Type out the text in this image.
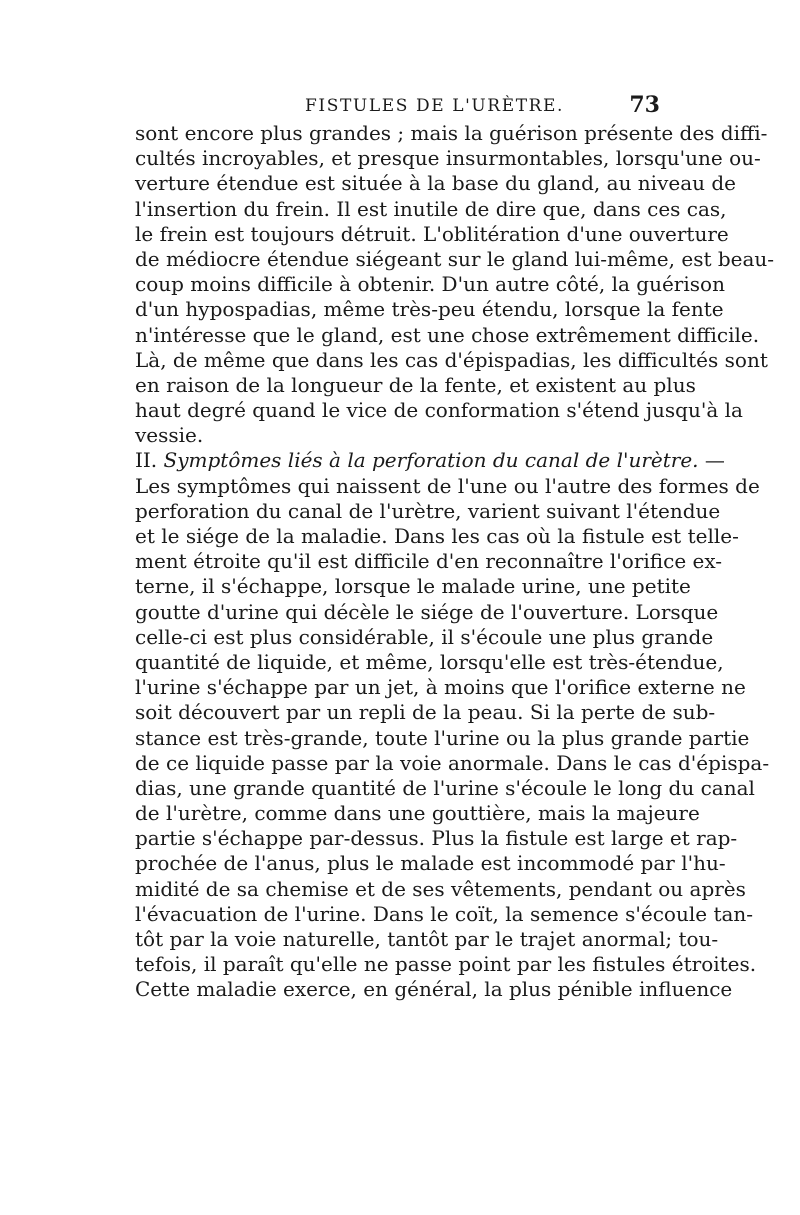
FISTULES DE L'URÈTRE.	73
sont encore plus grandes ; mais la guérison présente des diffi-
cultés incroyables, et presque insurmontables, lorsqu'une ou-
verture étendue est située à la base du gland, au niveau de
l'insertion du frein. Il est inutile de dire que, dans ces cas,
le frein est toujours détruit. L'oblitération d'une ouverture
de médiocre étendue siégeant sur le gland lui-même, est beau-
coup moins difficile à obtenir. D'un autre côté, la guérison
d'un hypospadias, même très-peu étendu, lorsque la fente
n'intéresse que le gland, est une chose extrêmement difficile.
Là, de même que dans les cas d'épispadias, les difficultés sont
en raison de la longueur de la fente, et existent au plus
haut degré quand le vice de conformation s'étend jusqu'à la
vessie.
II. Symptômes liés à la perforation du canal de l'urètre. —
Les symptômes qui naissent de l'une ou l'autre des formes de
perforation du canal de l'urètre, varient suivant l'étendue
et le siége de la maladie. Dans les cas où la fistule est telle-
ment étroite qu'il est difficile d'en reconnaître l'orifice ex-
terne, il s'échappe, lorsque le malade urine, une petite
goutte d'urine qui décèle le siége de l'ouverture. Lorsque
celle-ci est plus considérable, il s'écoule une plus grande
quantité de liquide, et même, lorsqu'elle est très-étendue,
l'urine s'échappe par un jet, à moins que l'orifice externe ne
soit découvert par un repli de la peau. Si la perte de sub-
stance est très-grande, toute l'urine ou la plus grande partie
de ce liquide passe par la voie anormale. Dans le cas d'épispa-
dias, une grande quantité de l'urine s'écoule le long du canal
de l'urètre, comme dans une gouttière, mais la majeure
partie s'échappe par-dessus. Plus la fistule est large et rap-
prochée de l'anus, plus le malade est incommodé par l'hu-
midité de sa chemise et de ses vêtements, pendant ou après
l'évacuation de l'urine. Dans le coït, la semence s'écoule tan-
tôt par la voie naturelle, tantôt par le trajet anormal; tou-
tefois, il paraît qu'elle ne passe point par les fistules étroites.
Cette maladie exerce, en général, la plus pénible influence
